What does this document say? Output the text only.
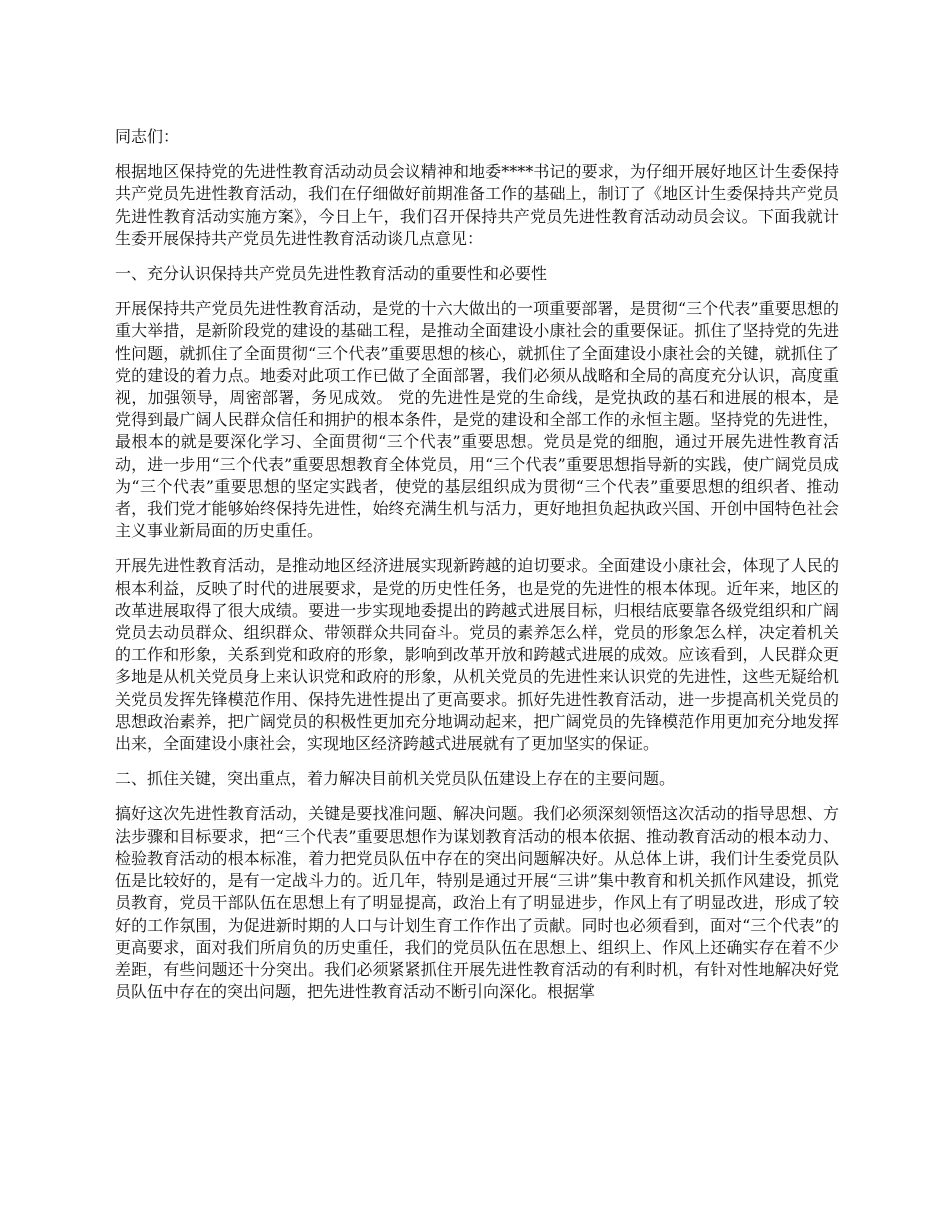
同志们：

根据地区保持党的先进性教育活动动员会议精神和地委****书记的要求，为仔细开展好地区计生委保持共产党员先进性教育活动，我们在仔细做好前期准备工作的基础上，制订了《地区计生委保持共产党员先进性教育活动实施方案》，今日上午，我们召开保持共产党员先进性教育活动动员会议。下面我就计生委开展保持共产党员先进性教育活动谈几点意见：

一、充分认识保持共产党员先进性教育活动的重要性和必要性

开展保持共产党员先进性教育活动，是党的十六大做出的一项重要部署，是贯彻“三个代表”重要思想的重大举措，是新阶段党的建设的基础工程，是推动全面建设小康社会的重要保证。抓住了坚持党的先进性问题，就抓住了全面贯彻“三个代表”重要思想的核心，就抓住了全面建设小康社会的关键，就抓住了党的建设的着力点。地委对此项工作已做了全面部署，我们必须从战略和全局的高度充分认识，高度重视，加强领导，周密部署，务见成效。 党的先进性是党的生命线，是党执政的基石和进展的根本，是党得到最广阔人民群众信任和拥护的根本条件，是党的建设和全部工作的永恒主题。坚持党的先进性，最根本的就是要深化学习、全面贯彻“三个代表”重要思想。党员是党的细胞，通过开展先进性教育活动，进一步用“三个代表”重要思想教育全体党员，用“三个代表”重要思想指导新的实践，使广阔党员成为“三个代表”重要思想的坚定实践者，使党的基层组织成为贯彻“三个代表”重要思想的组织者、推动者，我们党才能够始终保持先进性，始终充满生机与活力，更好地担负起执政兴国、开创中国特色社会主义事业新局面的历史重任。

开展先进性教育活动，是推动地区经济进展实现新跨越的迫切要求。全面建设小康社会，体现了人民的根本利益，反映了时代的进展要求，是党的历史性任务，也是党的先进性的根本体现。近年来，地区的改革进展取得了很大成绩。要进一步实现地委提出的跨越式进展目标，归根结底要靠各级党组织和广阔党员去动员群众、组织群众、带领群众共同奋斗。党员的素养怎么样，党员的形象怎么样，决定着机关的工作和形象，关系到党和政府的形象，影响到改革开放和跨越式进展的成效。应该看到，人民群众更多地是从机关党员身上来认识党和政府的形象，从机关党员的先进性来认识党的先进性，这些无疑给机关党员发挥先锋模范作用、保持先进性提出了更高要求。抓好先进性教育活动，进一步提高机关党员的思想政治素养，把广阔党员的积极性更加充分地调动起来，把广阔党员的先锋模范作用更加充分地发挥出来，全面建设小康社会，实现地区经济跨越式进展就有了更加坚实的保证。

二、抓住关键，突出重点，着力解决目前机关党员队伍建设上存在的主要问题。

搞好这次先进性教育活动，关键是要找准问题、解决问题。我们必须深刻领悟这次活动的指导思想、方法步骤和目标要求，把“三个代表”重要思想作为谋划教育活动的根本依据、推动教育活动的根本动力、检验教育活动的根本标准，着力把党员队伍中存在的突出问题解决好。从总体上讲，我们计生委党员队伍是比较好的，是有一定战斗力的。近几年，特别是通过开展“三讲”集中教育和机关抓作风建设，抓党员教育，党员干部队伍在思想上有了明显提高，政治上有了明显进步，作风上有了明显改进，形成了较好的工作氛围，为促进新时期的人口与计划生育工作作出了贡献。同时也必须看到，面对“三个代表”的更高要求，面对我们所肩负的历史重任，我们的党员队伍在思想上、组织上、作风上还确实存在着不少差距，有些问题还十分突出。我们必须紧紧抓住开展先进性教育活动的有利时机，有针对性地解决好党员队伍中存在的突出问题，把先进性教育活动不断引向深化。根据掌
